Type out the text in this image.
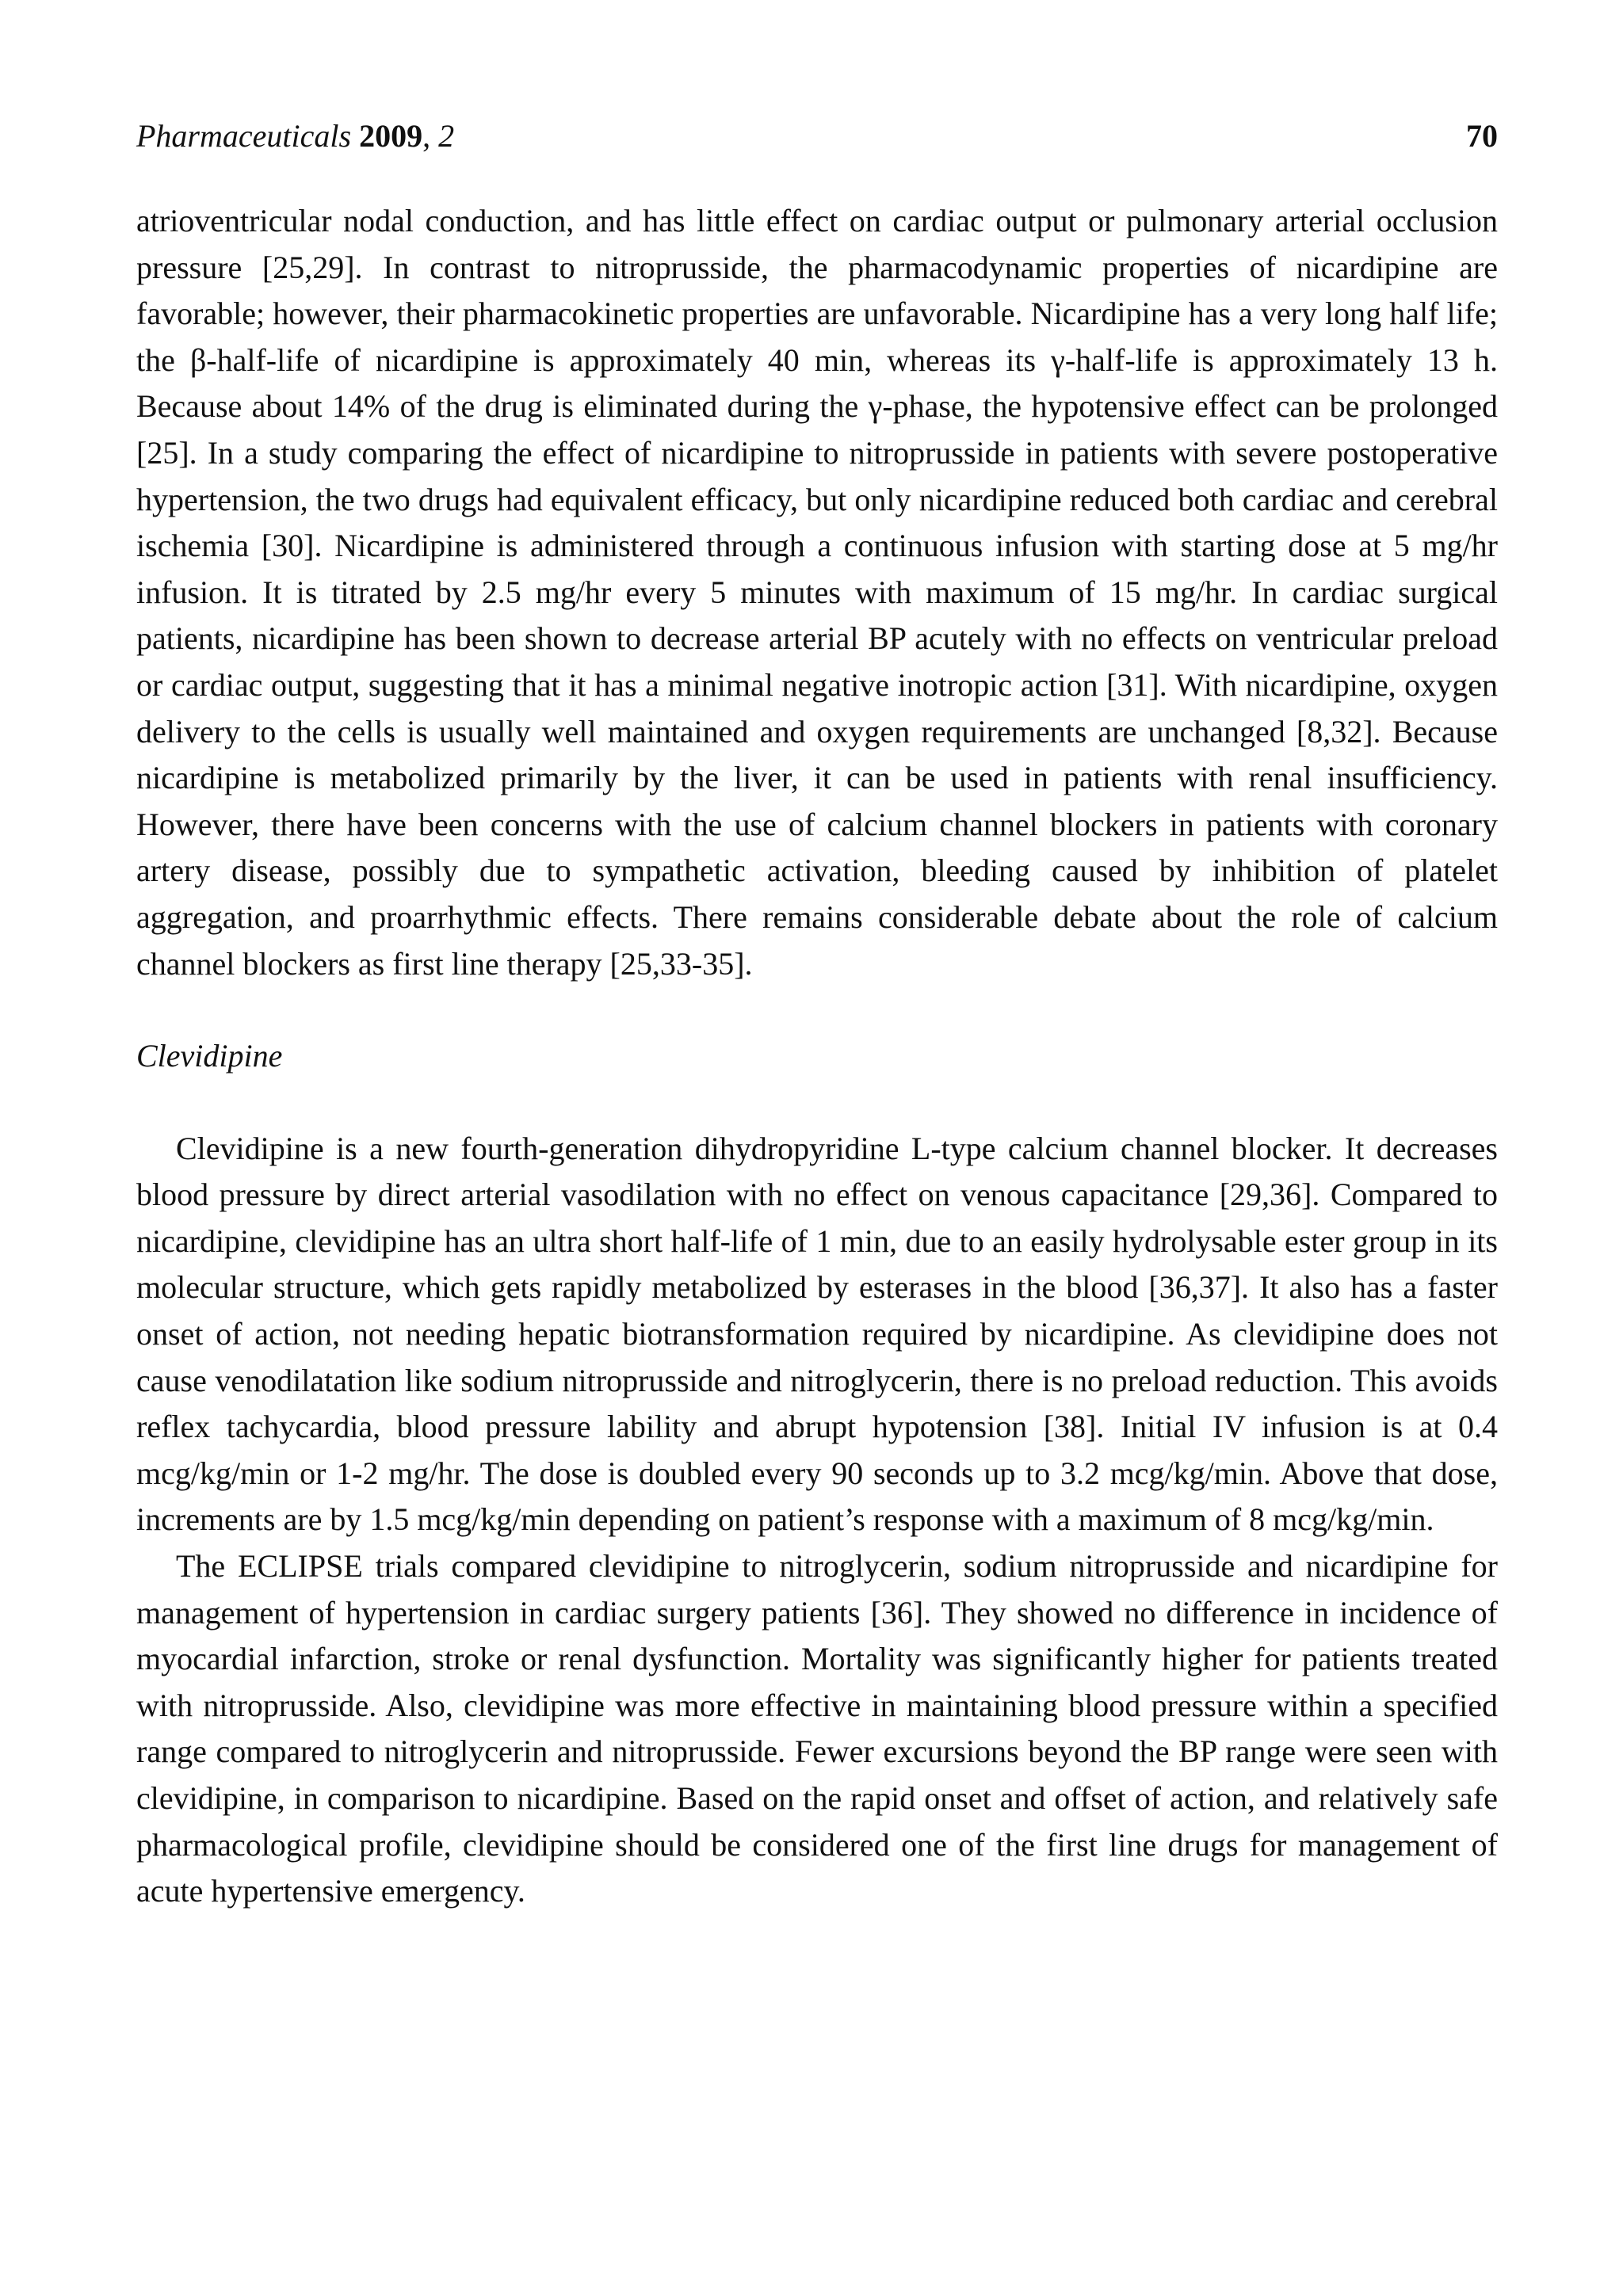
Pharmaceuticals 2009, 2	70

atrioventricular nodal conduction, and has little effect on cardiac output or pulmonary arterial occlusion pressure [25,29]. In contrast to nitroprusside, the pharmacodynamic properties of nicardipine are favorable; however, their pharmacokinetic properties are unfavorable. Nicardipine has a very long half life; the β-half-life of nicardipine is approximately 40 min, whereas its γ-half-life is approximately 13 h. Because about 14% of the drug is eliminated during the γ-phase, the hypotensive effect can be prolonged [25]. In a study comparing the effect of nicardipine to nitroprusside in patients with severe postoperative hypertension, the two drugs had equivalent efficacy, but only nicardipine reduced both cardiac and cerebral ischemia [30]. Nicardipine is administered through a continuous infusion with starting dose at 5 mg/hr infusion. It is titrated by 2.5 mg/hr every 5 minutes with maximum of 15 mg/hr. In cardiac surgical patients, nicardipine has been shown to decrease arterial BP acutely with no effects on ventricular preload or cardiac output, suggesting that it has a minimal negative inotropic action [31]. With nicardipine, oxygen delivery to the cells is usually well maintained and oxygen requirements are unchanged [8,32]. Because nicardipine is metabolized primarily by the liver, it can be used in patients with renal insufficiency. However, there have been concerns with the use of calcium channel blockers in patients with coronary artery disease, possibly due to sympathetic activation, bleeding caused by inhibition of platelet aggregation, and proarrhythmic effects. There remains considerable debate about the role of calcium channel blockers as first line therapy [25,33-35].

Clevidipine

Clevidipine is a new fourth-generation dihydropyridine L-type calcium channel blocker. It decreases blood pressure by direct arterial vasodilation with no effect on venous capacitance [29,36]. Compared to nicardipine, clevidipine has an ultra short half-life of 1 min, due to an easily hydrolysable ester group in its molecular structure, which gets rapidly metabolized by esterases in the blood [36,37]. It also has a faster onset of action, not needing hepatic biotransformation required by nicardipine. As clevidipine does not cause venodilatation like sodium nitroprusside and nitroglycerin, there is no preload reduction. This avoids reflex tachycardia, blood pressure lability and abrupt hypotension [38]. Initial IV infusion is at 0.4 mcg/kg/min or 1-2 mg/hr. The dose is doubled every 90 seconds up to 3.2 mcg/kg/min. Above that dose, increments are by 1.5 mcg/kg/min depending on patient’s response with a maximum of 8 mcg/kg/min.

The ECLIPSE trials compared clevidipine to nitroglycerin, sodium nitroprusside and nicardipine for management of hypertension in cardiac surgery patients [36]. They showed no difference in incidence of myocardial infarction, stroke or renal dysfunction. Mortality was significantly higher for patients treated with nitroprusside. Also, clevidipine was more effective in maintaining blood pressure within a specified range compared to nitroglycerin and nitroprusside. Fewer excursions beyond the BP range were seen with clevidipine, in comparison to nicardipine. Based on the rapid onset and offset of action, and relatively safe pharmacological profile, clevidipine should be considered one of the first line drugs for management of acute hypertensive emergency.
